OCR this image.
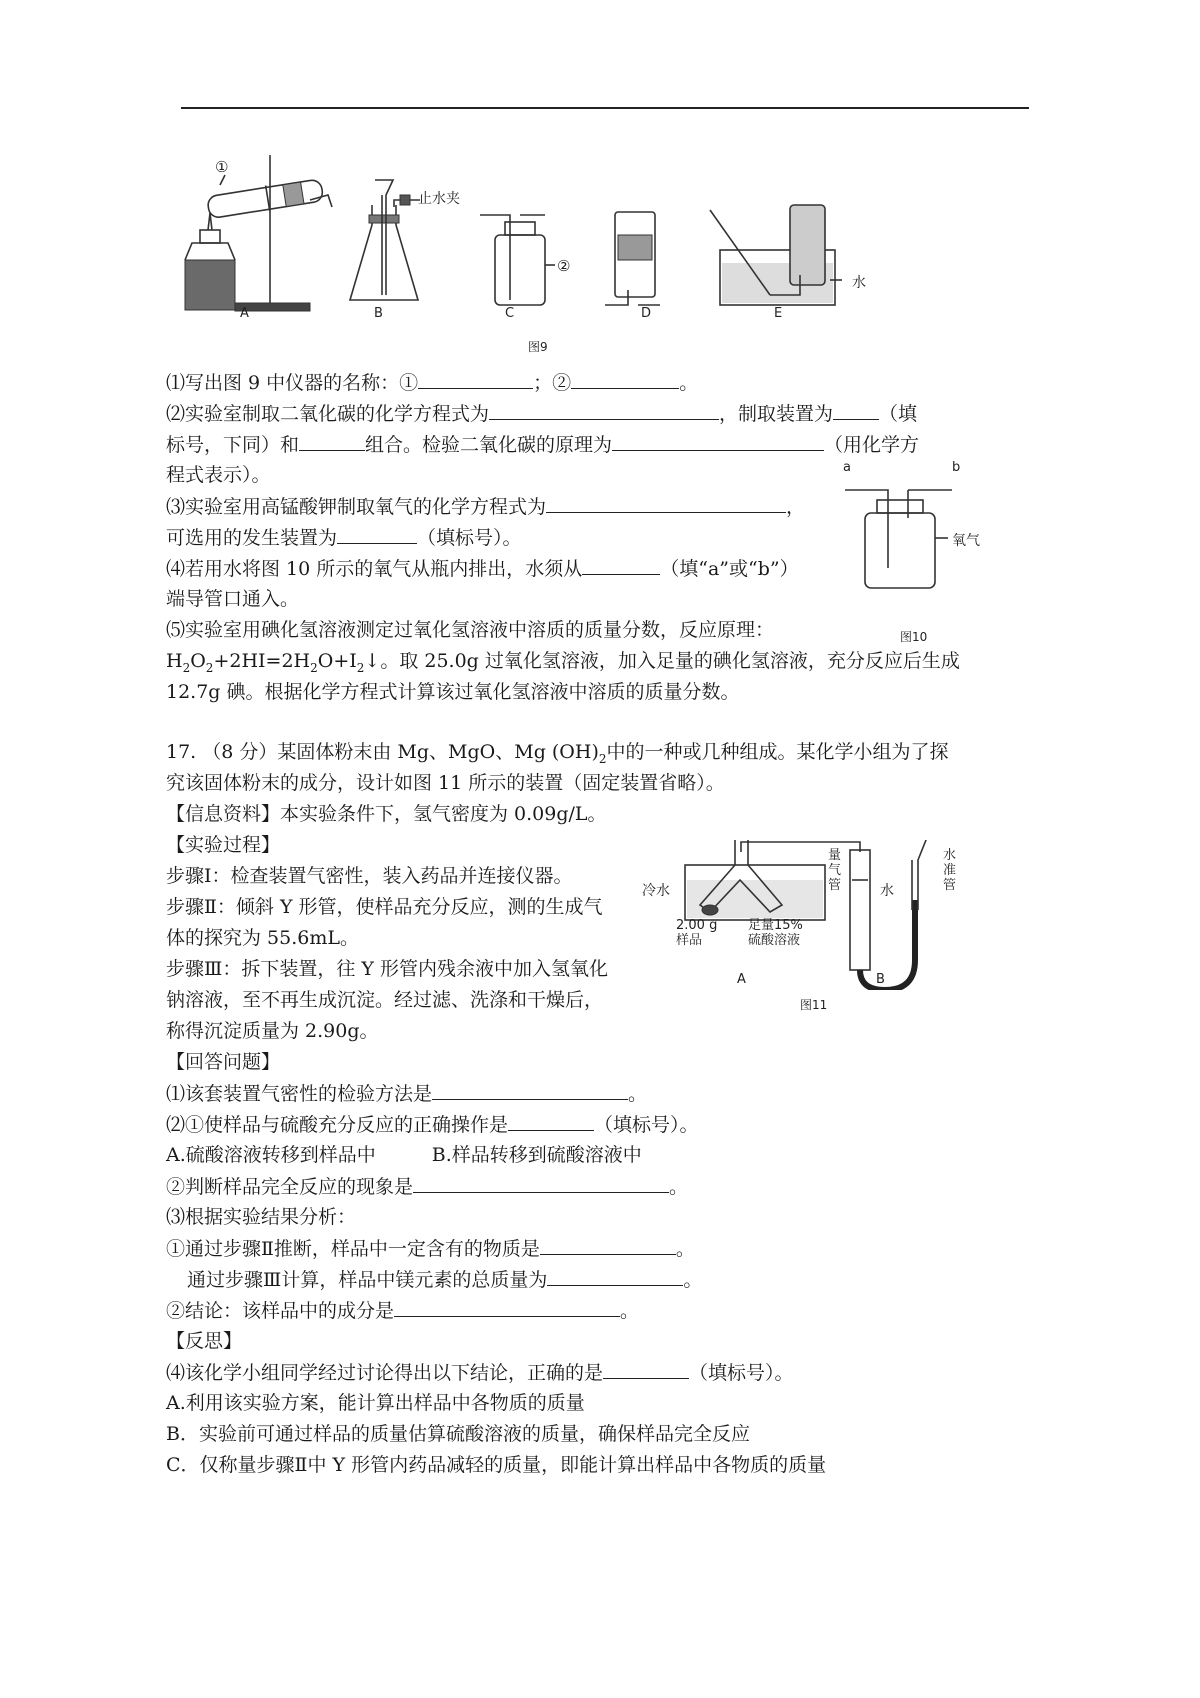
①
止水夹
②
水
A	B	C	D	E
图9
⑴写出图 9 中仪器的名称：①	；②	。
⑵实验室制取二氧化碳的化学方程式为	，制取装置为 （填
标号，下同）和	组合。检验二氧化碳的原理为	（用化学方
程式表示）。
⑶实验室用高锰酸钾制取氧气的化学方程式为	，
可选用的发生装置为	（填标号）。
⑷若用水将图 10 所示的氧气从瓶内排出，水须从	（填“a”或“b”）
端导管口通入。
⑸实验室用碘化氢溶液测定过氧化氢溶液中溶质的质量分数，反应原理：
$H_2O_2+2HI=2H_2O+I_2↓$。取 25.0g 过氧化氢溶液，加入足量的碘化氢溶液，充分反应后生成
12.7g 碘。根据化学方程式计算该过氧化氢溶液中溶质的质量分数。
a	b
氧气
图10
17. （8 分）某固体粉末由 Mg、MgO、Mg $(OH)_2$中的一种或几种组成。某化学小组为了探
究该固体粉末的成分，设计如图 11 所示的装置（固定装置省略）。
【信息资料】本实验条件下，氢气密度为 0.09g/L。
【实验过程】
步骤Ⅰ：检查装置气密性，装入药品并连接仪器。
步骤Ⅱ：倾斜 Y 形管，使样品充分反应，测的生成气
体的探究为 55.6mL。
步骤Ⅲ：拆下装置，往 Y 形管内残余液中加入氢氧化
钠溶液，至不再生成沉淀。经过滤、洗涤和干燥后，
称得沉淀质量为 2.90g。
【回答问题】
⑴该套装置气密性的检验方法是	。
⑵①使样品与硫酸充分反应的正确操作是	（填标号）。
A.硫酸溶液转移到样品中	B.样品转移到硫酸溶液中
②判断样品完全反应的现象是	。
⑶根据实验结果分析：
①通过步骤Ⅱ推断，样品中一定含有的物质是	。
通过步骤Ⅲ计算，样品中镁元素的总质量为	。
②结论：该样品中的成分是	。
【反思】
⑷该化学小组同学经过讨论得出以下结论，正确的是	（填标号）。
A.利用该实验方案，能计算出样品中各物质的质量
B．实验前可通过样品的质量估算硫酸溶液的质量，确保样品完全反应
C．仅称量步骤Ⅱ中 Y 形管内药品减轻的质量，即能计算出样品中各物质的质量
冷水
2.00 g
样品
足量15%
硫酸溶液
量
气
管	水
水
准
管
A	B
图11
